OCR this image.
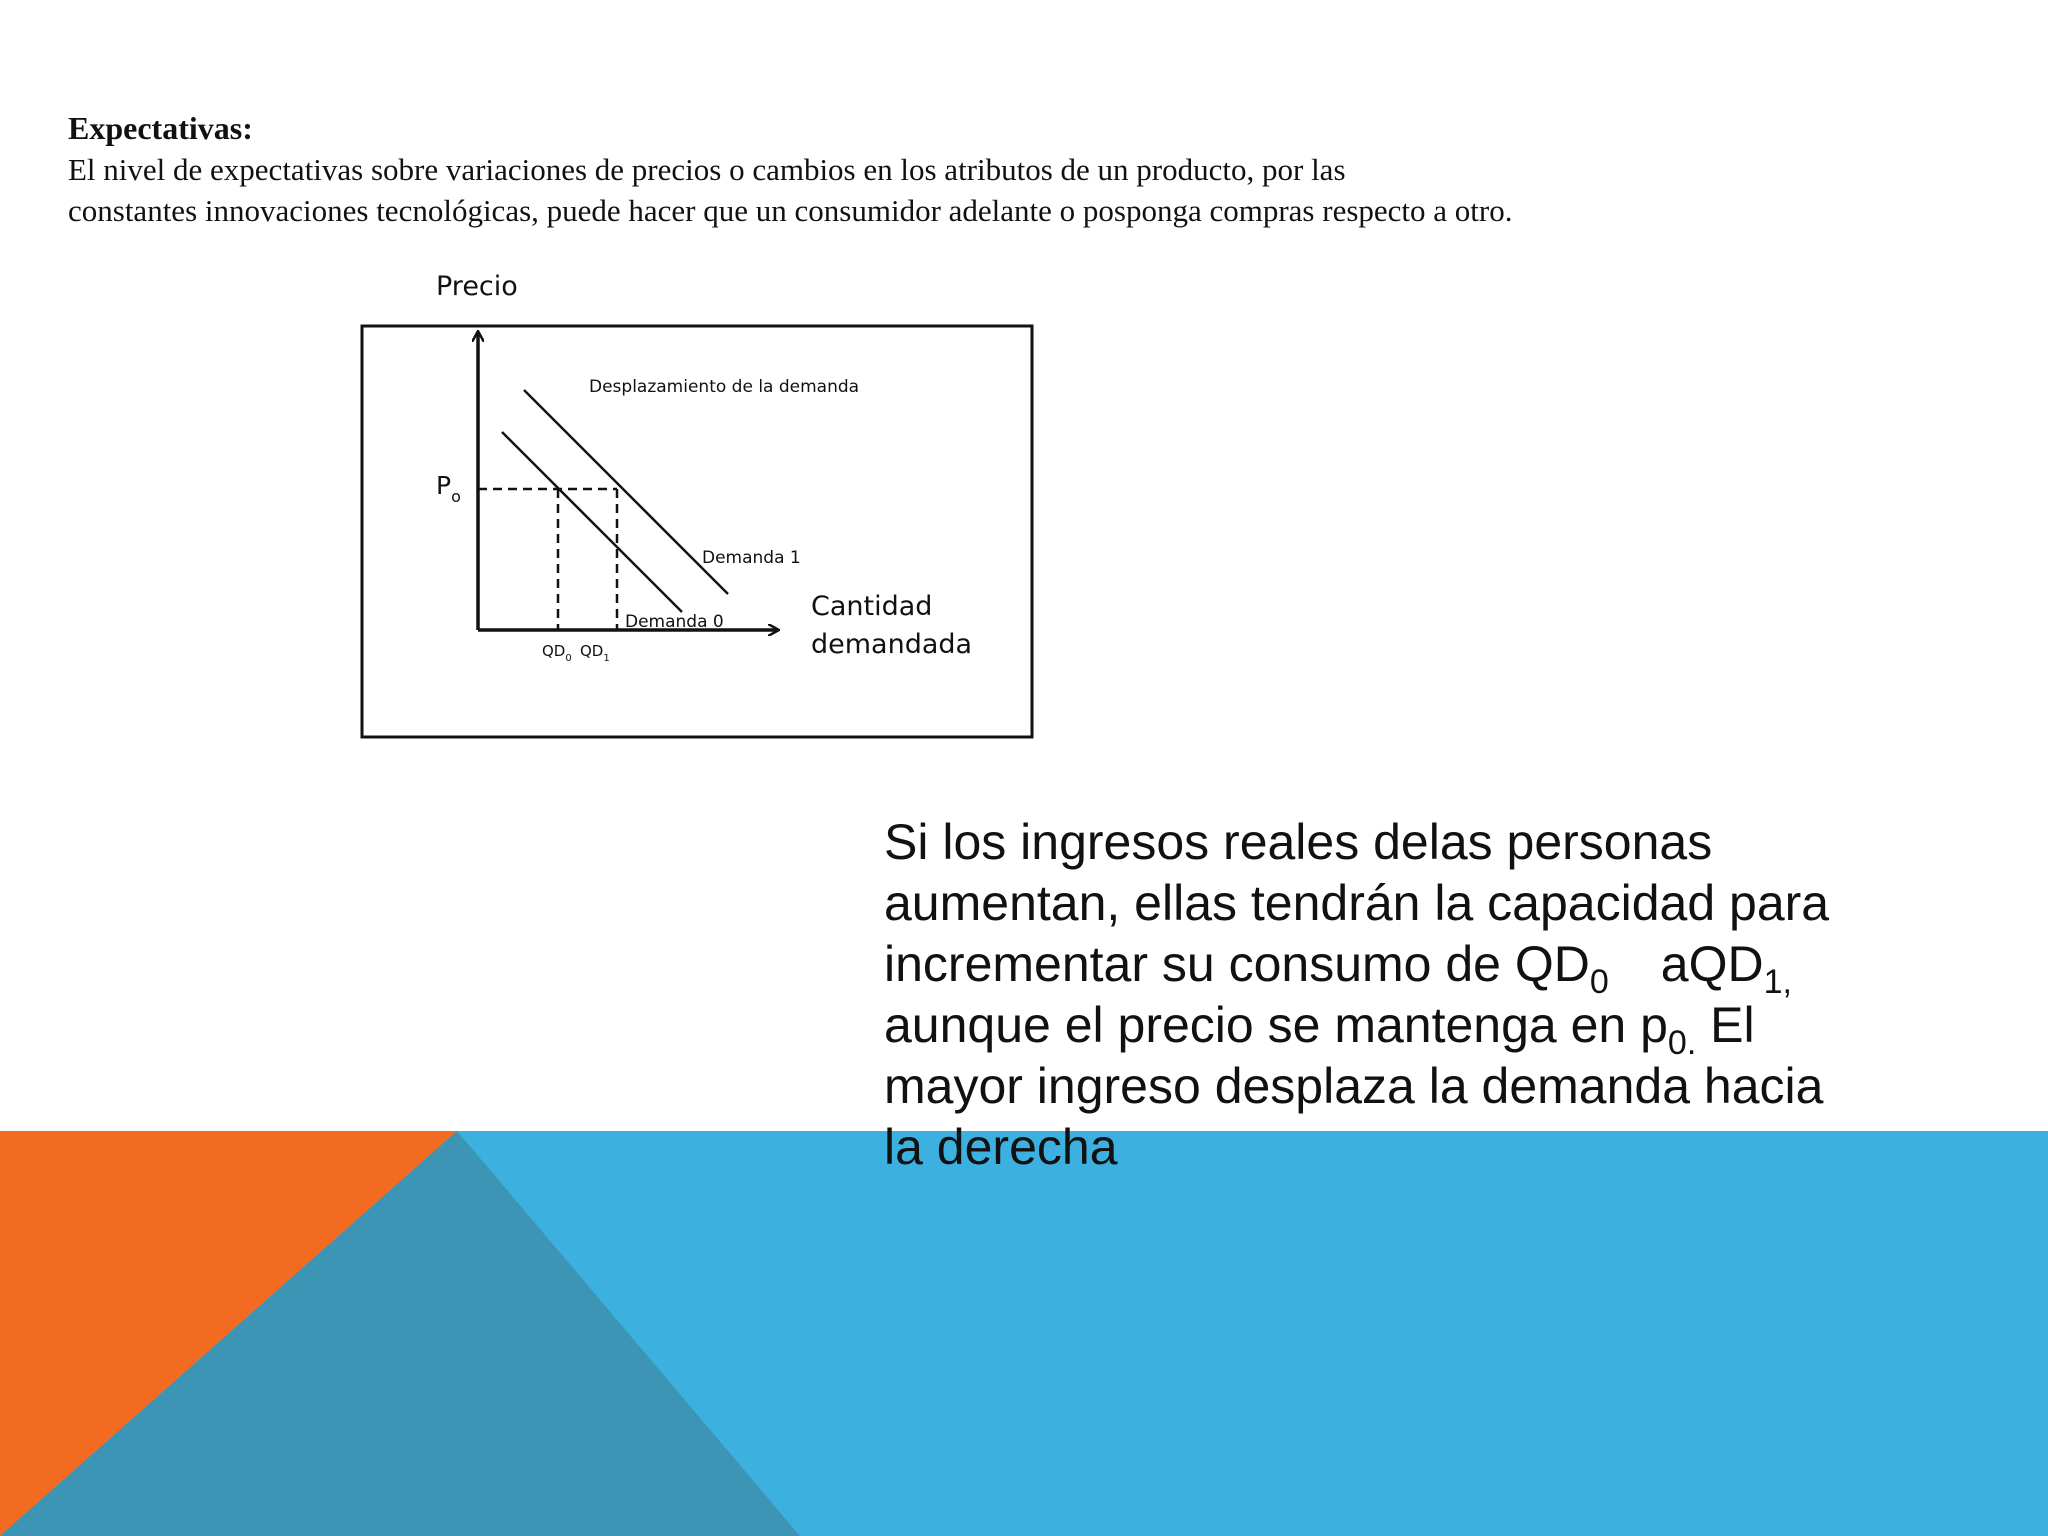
Expectativas:
El nivel de expectativas sobre variaciones de precios o cambios en los atributos de un producto, por las
constantes innovaciones tecnológicas, puede hacer que un consumidor adelante o posponga compras respecto a otro.
Precio
Desplazamiento de la demanda
$P_o$
Demanda 1
Demanda 0
$QD_0$ $QD_1$
Cantidad
demandada
Si los ingresos reales delas personas
aumentan, ellas tendrán la capacidad para
incrementar su consumo de $QD_0$ aQD$_{1,}$
aunque el precio se mantenga en $p_{0.}$ El
mayor ingreso desplaza la demanda hacia
la derecha
